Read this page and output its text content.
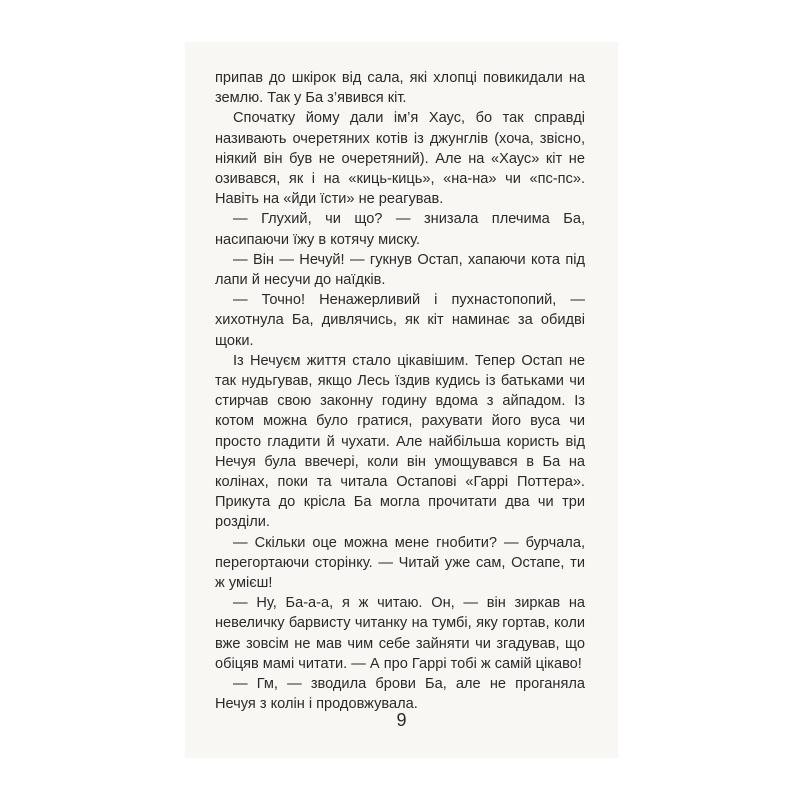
припав до шкірок від сала, які хлопці повикидали на землю. Так у Ба з’явився кіт.

Спочатку йому дали ім’я Хаус, бо так справді називають очеретяних котів із джунглів (хоча, звісно, ніякий він був не очеретяний). Але на «Хаус» кіт не озивався, як і на «киць-киць», «на-на» чи «пс-пс». Навіть на «йди їсти» не реагував.

— Глухий, чи що? — знизала плечима Ба, насипаючи їжу в котячу миску.

— Він — Нечуй! — гукнув Остап, хапаючи кота під лапи й несучи до наїдків.

— Точно! Ненажерливий і пухнастопопий, — хихотнула Ба, дивлячись, як кіт наминає за обидві щоки.

Із Нечуєм життя стало цікавішим. Тепер Остап не так нудьгував, якщо Лесь їздив кудись із батьками чи стирчав свою законну годину вдома з айпадом. Із котом можна було гратися, рахувати його вуса чи просто гладити й чухати. Але найбільша користь від Нечуя була ввечері, коли він умощувався в Ба на колінах, поки та читала Остапові «Гаррі Поттера». Прикута до крісла Ба могла прочитати два чи три розділи.

— Скільки оце можна мене гнобити? — бурчала, перегортаючи сторінку. — Читай уже сам, Остапе, ти ж умієш!

— Ну, Ба-а-а, я ж читаю. Он, — він зиркав на невеличку барвисту читанку на тумбі, яку гортав, коли вже зовсім не мав чим себе зайняти чи згадував, що обіцяв мамі читати. — А про Гаррі тобі ж самій цікаво!

— Гм, — зводила брови Ба, але не проганяла Нечуя з колін і продовжувала.

9
